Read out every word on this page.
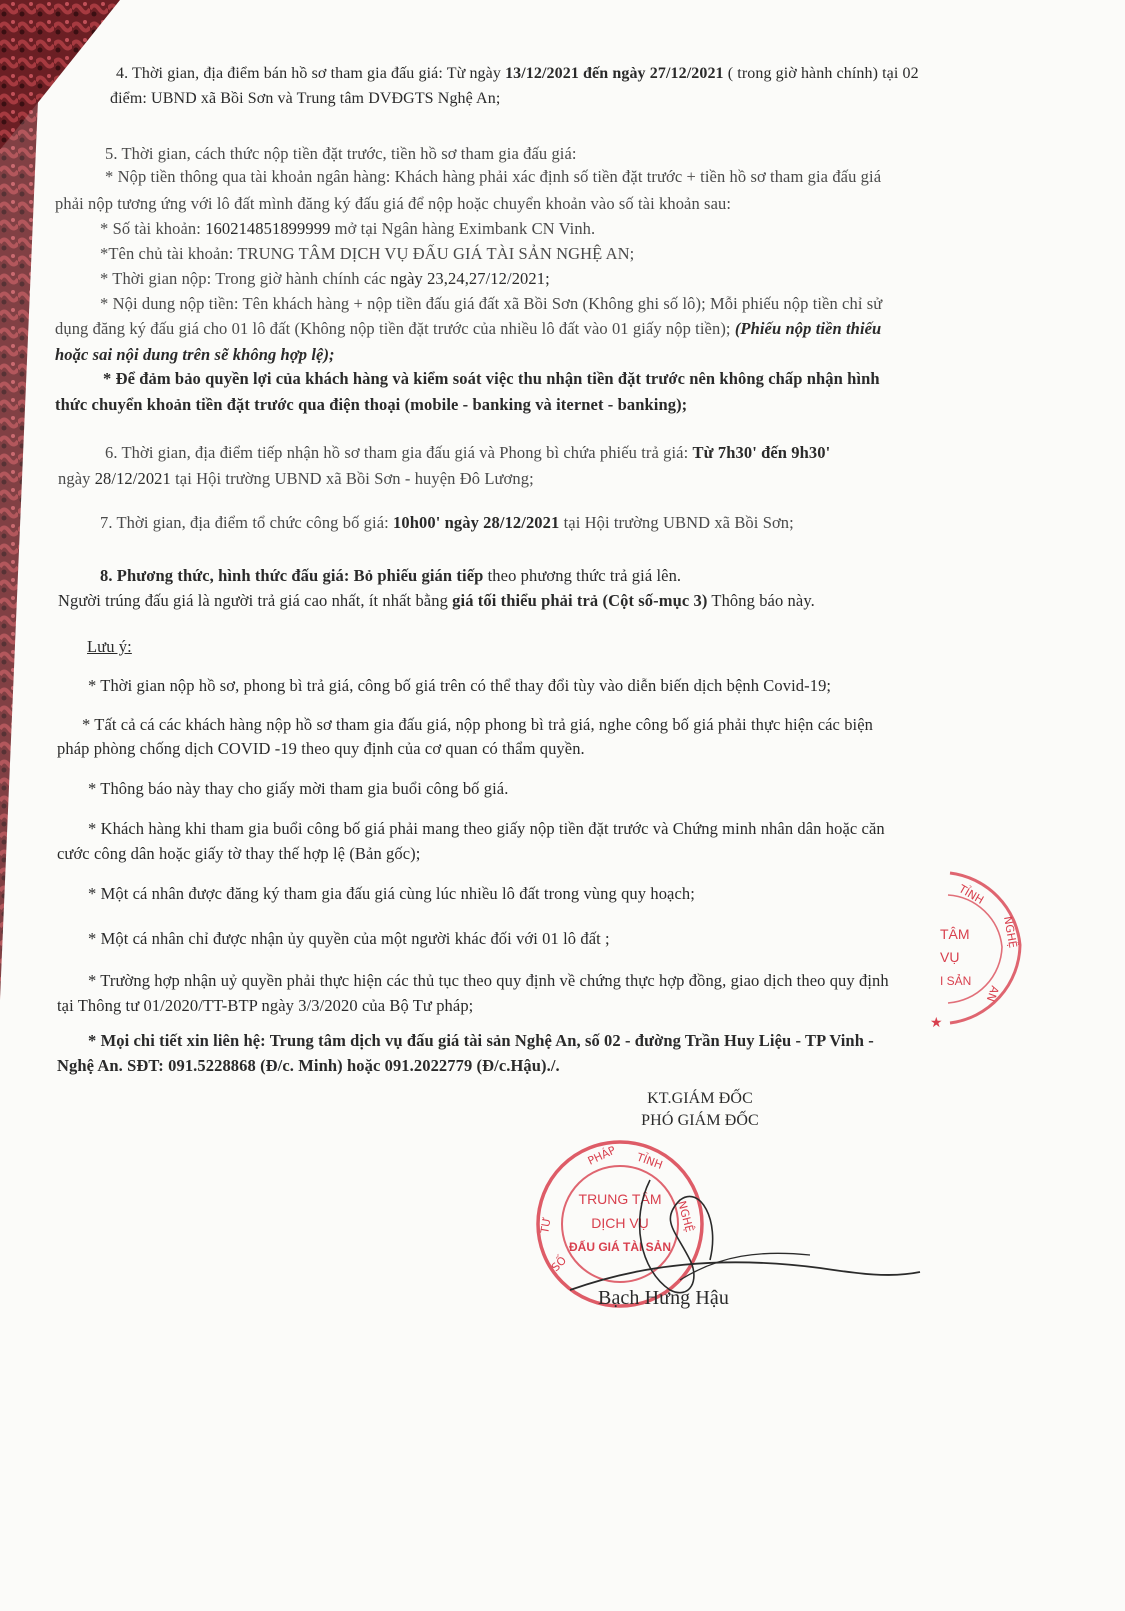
4. Thời gian, địa điểm bán hồ sơ tham gia đấu giá: Từ ngày 13/12/2021 đến ngày 27/12/2021 ( trong giờ hành chính) tại 02
điểm: UBND xã Bồi Sơn và Trung tâm DVĐGTS Nghệ An;
5. Thời gian, cách thức nộp tiền đặt trước, tiền hồ sơ tham gia đấu giá:
* Nộp tiền thông qua tài khoản ngân hàng: Khách hàng phải xác định số tiền đặt trước + tiền hồ sơ tham gia đấu giá
phải nộp tương ứng với lô đất mình đăng ký đấu giá để nộp hoặc chuyển khoản vào số tài khoản sau:
* Số tài khoản: 160214851899999 mở tại Ngân hàng Eximbank CN Vinh.
*Tên chủ tài khoản: TRUNG TÂM DỊCH VỤ ĐẤU GIÁ TÀI SẢN NGHỆ AN;
* Thời gian nộp: Trong giờ hành chính các ngày 23,24,27/12/2021;
* Nội dung nộp tiền: Tên khách hàng + nộp tiền đấu giá đất xã Bồi Sơn (Không ghi số lô); Mỗi phiếu nộp tiền chỉ sử
dụng đăng ký đấu giá cho 01 lô đất (Không nộp tiền đặt trước của nhiều lô đất vào 01 giấy nộp tiền); (Phiếu nộp tiền thiếu
hoặc sai nội dung trên sẽ không hợp lệ);
* Để đảm bảo quyền lợi của khách hàng và kiểm soát việc thu nhận tiền đặt trước nên không chấp nhận hình
thức chuyển khoản tiền đặt trước qua điện thoại (mobile - banking và iternet - banking);
6. Thời gian, địa điểm tiếp nhận hồ sơ tham gia đấu giá và Phong bì chứa phiếu trả giá: Từ 7h30' đến 9h30'
ngày 28/12/2021 tại Hội trường UBND xã Bồi Sơn - huyện Đô Lương;
7. Thời gian, địa điểm tổ chức công bố giá: 10h00' ngày 28/12/2021 tại Hội trường UBND xã Bồi Sơn;
8. Phương thức, hình thức đấu giá: Bỏ phiếu gián tiếp theo phương thức trả giá lên.
Người trúng đấu giá là người trả giá cao nhất, ít nhất bằng giá tối thiểu phải trả (Cột số-mục 3) Thông báo này.
Lưu ý:
* Thời gian nộp hồ sơ, phong bì trả giá, công bố giá trên có thể thay đổi tùy vào diễn biến dịch bệnh Covid-19;
* Tất cả cá các khách hàng nộp hồ sơ tham gia đấu giá, nộp phong bì trả giá, nghe công bố giá phải thực hiện các biện
pháp phòng chống dịch COVID -19 theo quy định của cơ quan có thẩm quyền.
* Thông báo này thay cho giấy mời tham gia buổi công bố giá.
* Khách hàng khi tham gia buổi công bố giá phải mang theo giấy nộp tiền đặt trước và Chứng minh nhân dân hoặc căn
cước công dân hoặc giấy tờ thay thế hợp lệ (Bản gốc);
* Một cá nhân được đăng ký tham gia đấu giá cùng lúc nhiều lô đất trong vùng quy hoạch;
* Một cá nhân chỉ được nhận ủy quyền của một người khác đối với 01 lô đất ;
* Trường hợp nhận uỷ quyền phải thực hiện các thủ tục theo quy định về chứng thực hợp đồng, giao dịch theo quy định
tại Thông tư 01/2020/TT-BTP ngày 3/3/2020 của Bộ Tư pháp;
* Mọi chi tiết xin liên hệ: Trung tâm dịch vụ đấu giá tài sản Nghệ An, số 02 - đường Trần Huy Liệu - TP Vinh -
Nghệ An. SĐT: 091.5228868 (Đ/c. Minh) hoặc 091.2022779 (Đ/c.Hậu)./.
KT.GIÁM ĐỐC
PHÓ GIÁM ĐỐC
PHÁP TỈNH
NGHỆ
TƯ
SỐ
TRUNG TÂM
DỊCH VỤ
ĐẤU GIÁ TÀI SẢN
TỈNH
NGHỆ
AN
TÂM
VỤ
I SẢN
★
Bạch Hưng Hậu
